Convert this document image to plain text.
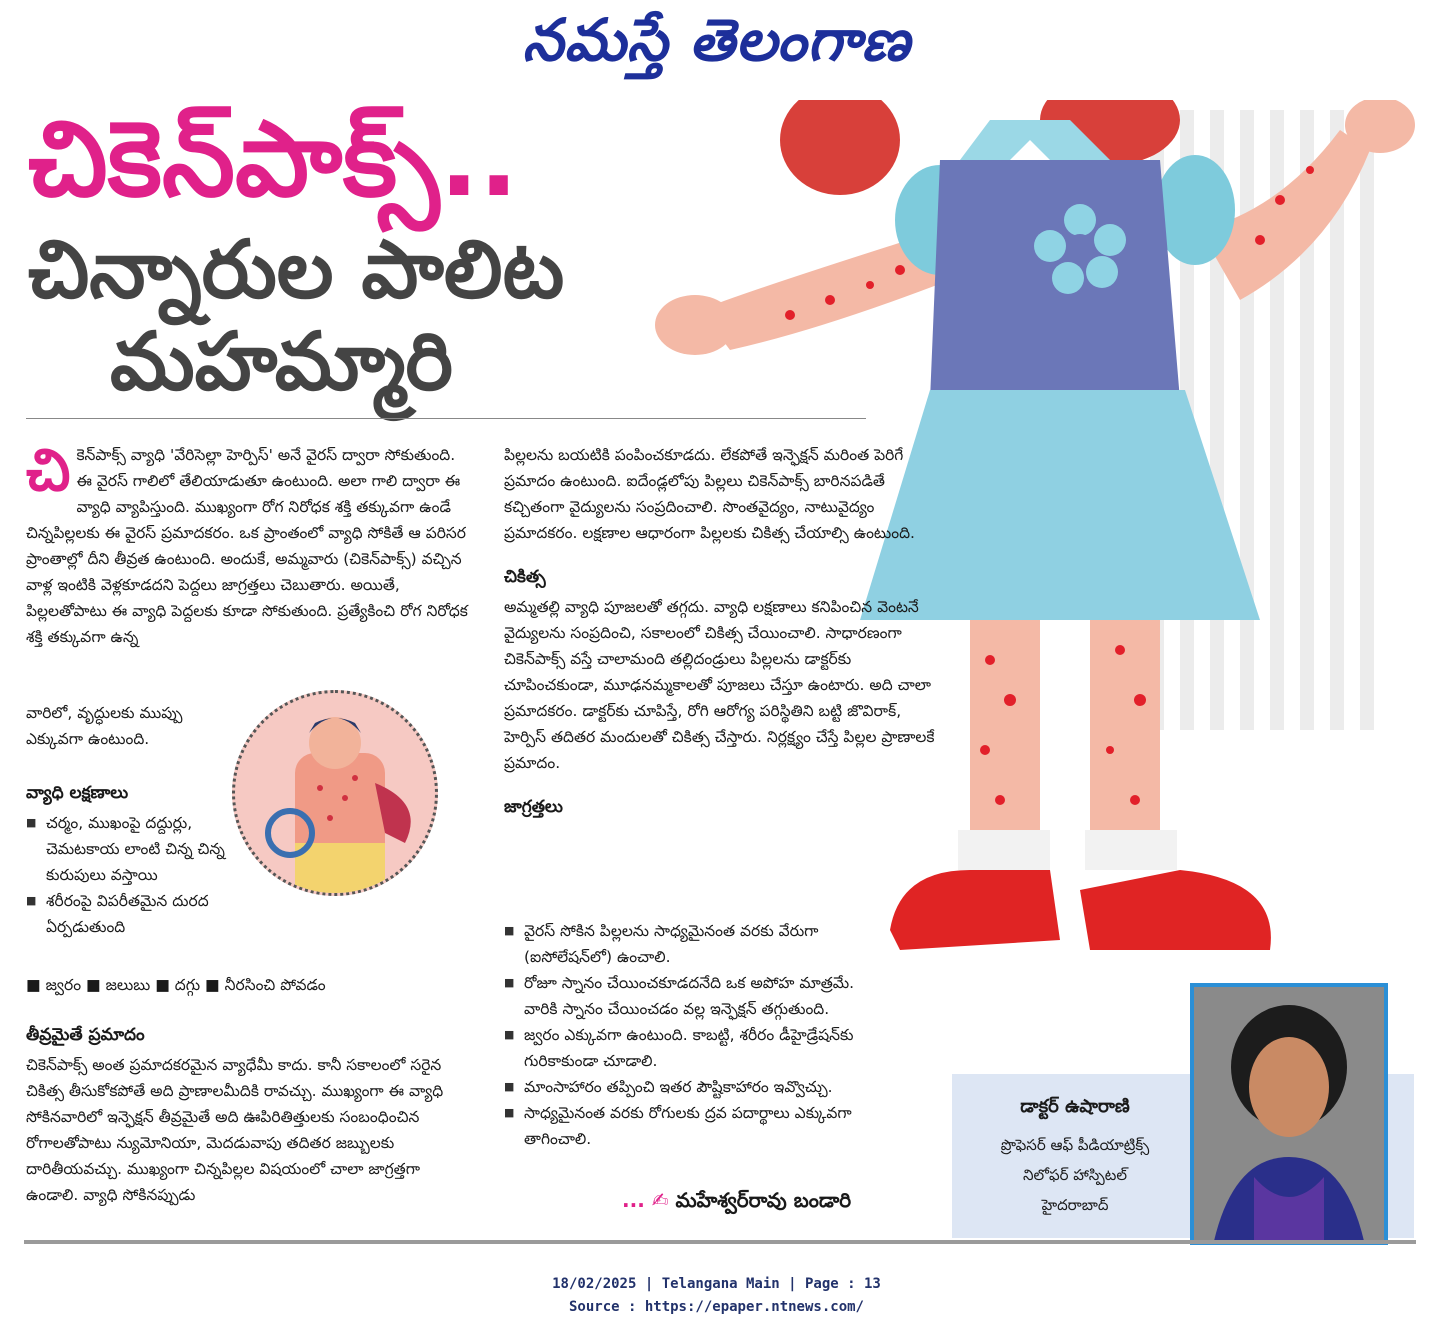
నమస్తే తెలంగాణ
చికెన్‌పాక్స్..
చిన్నారుల పాలిట
మహమ్మారి

చి కెన్‌పాక్స్ వ్యాధి 'వేరిసెల్లా హెర్పిస్' అనే వైరస్ ద్వారా సోకుతుంది. ఈ వైరస్ గాలిలో తేలియాడుతూ ఉంటుంది. అలా గాలి ద్వారా ఈ వ్యాధి వ్యాపిస్తుంది. ముఖ్యంగా రోగ నిరోధక శక్తి తక్కువగా ఉండే చిన్నపిల్లలకు ఈ వైరస్ ప్రమాదకరం. ఒక ప్రాంతంలో వ్యాధి సోకితే ఆ పరిసర ప్రాంతాల్లో దీని తీవ్రత ఉంటుంది. అందుకే, అమ్మవారు (చికెన్‌పాక్స్) వచ్చిన వాళ్ల ఇంటికి వెళ్లకూడదని పెద్దలు జాగ్రత్తలు చెబుతారు. అయితే, పిల్లలతోపాటు ఈ వ్యాధి పెద్దలకు కూడా సోకుతుంది. ప్రత్యేకించి రోగ నిరోధక శక్తి తక్కువగా ఉన్న

వారిలో, వృద్ధులకు ముప్పు ఎక్కువగా ఉంటుంది.

వ్యాధి లక్షణాలు
■ చర్మం, ముఖంపై దద్దుర్లు, చెమటకాయ లాంటి చిన్న చిన్న కురుపులు వస్తాయి
■ శరీరంపై విపరీతమైన దురద ఏర్పడుతుంది
■ జ్వరం ■ జలుబు ■ దగ్గు ■ నీరసించి పోవడం
తీవ్రమైతే ప్రమాదం

చికెన్‌పాక్స్ అంత ప్రమాదకరమైన వ్యాధేమీ కాదు. కానీ సకాలంలో సరైన చికిత్స తీసుకోకపోతే అది ప్రాణాలమీదికి రావచ్చు. ముఖ్యంగా ఈ వ్యాధి సోకినవారిలో ఇన్ఫెక్షన్ తీవ్రమైతే అది ఊపిరితిత్తులకు సంబంధించిన రోగాలతోపాటు న్యుమోనియా, మెదడువాపు తదితర జబ్బులకు దారితీయవచ్చు. ముఖ్యంగా చిన్నపిల్లల విషయంలో చాలా జాగ్రత్తగా ఉండాలి. వ్యాధి సోకినప్పుడు

పిల్లలను బయటికి పంపించకూడదు. లేకపోతే ఇన్ఫెక్షన్ మరింత పెరిగే ప్రమాదం ఉంటుంది. ఐదేండ్లలోపు పిల్లలు చికెన్‌పాక్స్ బారినపడితే కచ్చితంగా వైద్యులను సంప్రదించాలి. సొంతవైద్యం, నాటువైద్యం ప్రమాదకరం. లక్షణాల ఆధారంగా పిల్లలకు చికిత్స చేయాల్సి ఉంటుంది.

చికిత్స

అమ్మతల్లి వ్యాధి పూజలతో తగ్గదు. వ్యాధి లక్షణాలు కనిపించిన వెంటనే వైద్యులను సంప్రదించి, సకాలంలో చికిత్స చేయించాలి. సాధారణంగా చికెన్‌పాక్స్ వస్తే చాలామంది తల్లిదండ్రులు పిల్లలను డాక్టర్‌కు చూపించకుండా, మూఢనమ్మకాలతో పూజలు చేస్తూ ఉంటారు. అది చాలా ప్రమాదకరం. డాక్టర్‌కు చూపిస్తే, రోగి ఆరోగ్య పరిస్థితిని బట్టి జొవిరాక్, హెర్పిస్ తదితర మందులతో చికిత్స చేస్తారు. నిర్లక్ష్యం చేస్తే పిల్లల ప్రాణాలకే ప్రమాదం.

జాగ్రత్తలు
■ వైరస్ సోకిన పిల్లలను సాధ్యమైనంత వరకు వేరుగా (ఐసోలేషన్‌లో) ఉంచాలి.
■ రోజూ స్నానం చేయించకూడదనేది ఒక అపోహ మాత్రమే. వారికి స్నానం చేయించడం వల్ల ఇన్ఫెక్షన్ తగ్గుతుంది.
■ జ్వరం ఎక్కువగా ఉంటుంది. కాబట్టి, శరీరం డీహైడ్రేషన్‌కు గురికాకుండా చూడాలి.
■ మాంసాహారం తప్పించి ఇతర పౌష్టికాహారం ఇవ్వొచ్చు.
■ సాధ్యమైనంత వరకు రోగులకు ద్రవ పదార్థాలు ఎక్కువగా తాగించాలి.
... ✍ మహేశ్వర్‌రావు బండారి
డాక్టర్ ఉషారాణి
ప్రొఫెసర్ ఆఫ్ పీడియాట్రిక్స్
నిలోఫర్ హాస్పిటల్
హైదరాబాద్
18/02/2025 | Telangana Main | Page : 13
Source : https://epaper.ntnews.com/
